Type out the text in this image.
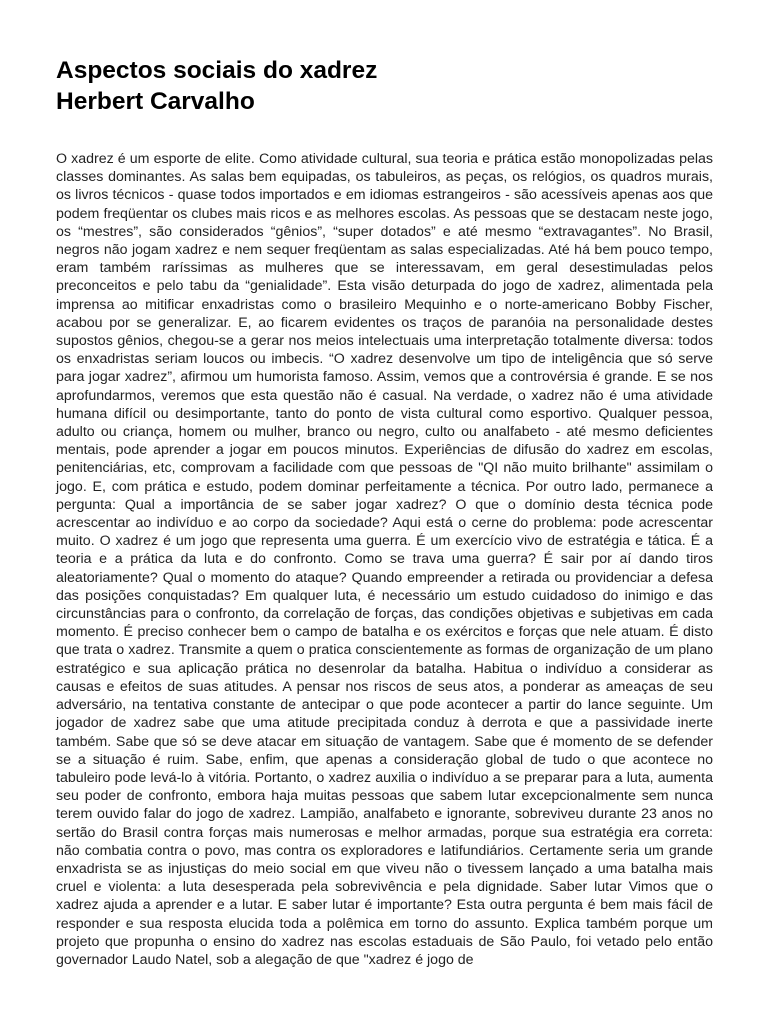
Aspectos sociais do xadrez
Herbert Carvalho

O xadrez é um esporte de elite. Como atividade cultural, sua teoria e prática estão monopolizadas pelas classes dominantes. As salas bem equipadas, os tabuleiros, as peças, os relógios, os quadros murais, os livros técnicos - quase todos importados e em idiomas estrangeiros - são acessíveis apenas aos que podem freqüentar os clubes mais ricos e as melhores escolas. As pessoas que se destacam neste jogo, os “mestres”, são considerados “gênios”, “super dotados” e até mesmo “extravagantes”. No Brasil, negros não jogam xadrez e nem sequer freqüentam as salas especializadas. Até há bem pouco tempo, eram também raríssimas as mulheres que se interessavam, em geral desestimuladas pelos preconceitos e pelo tabu da “genialidade”. Esta visão deturpada do jogo de xadrez, alimentada pela imprensa ao mitificar enxadristas como o brasileiro Mequinho e o norte-americano Bobby Fischer, acabou por se generalizar. E, ao ficarem evidentes os traços de paranóia na personalidade destes supostos gênios, chegou-se a gerar nos meios intelectuais uma interpretação totalmente diversa: todos os enxadristas seriam loucos ou imbecis. “O xadrez desenvolve um tipo de inteligência que só serve para jogar xadrez”, afirmou um humorista famoso. Assim, vemos que a controvérsia é grande. E se nos aprofundarmos, veremos que esta questão não é casual. Na verdade, o xadrez não é uma atividade humana difícil ou desimportante, tanto do ponto de vista cultural como esportivo. Qualquer pessoa, adulto ou criança, homem ou mulher, branco ou negro, culto ou analfabeto - até mesmo deficientes mentais, pode aprender a jogar em poucos minutos. Experiências de difusão do xadrez em escolas, penitenciárias, etc, comprovam a facilidade com que pessoas de "QI não muito brilhante" assimilam o jogo. E, com prática e estudo, podem dominar perfeitamente a técnica. Por outro lado, permanece a pergunta: Qual a importância de se saber jogar xadrez? O que o domínio desta técnica pode acrescentar ao indivíduo e ao corpo da sociedade? Aqui está o cerne do problema: pode acrescentar muito. O xadrez é um jogo que representa uma guerra. É um exercício vivo de estratégia e tática. É a teoria e a prática da luta e do confronto. Como se trava uma guerra? É sair por aí dando tiros aleatoriamente? Qual o momento do ataque? Quando empreender a retirada ou providenciar a defesa das posições conquistadas? Em qualquer luta, é necessário um estudo cuidadoso do inimigo e das circunstâncias para o confronto, da correlação de forças, das condições objetivas e subjetivas em cada momento. É preciso conhecer bem o campo de batalha e os exércitos e forças que nele atuam. É disto que trata o xadrez. Transmite a quem o pratica conscientemente as formas de organização de um plano estratégico e sua aplicação prática no desenrolar da batalha. Habitua o indivíduo a considerar as causas e efeitos de suas atitudes. A pensar nos riscos de seus atos, a ponderar as ameaças de seu adversário, na tentativa constante de antecipar o que pode acontecer a partir do lance seguinte. Um jogador de xadrez sabe que uma atitude precipitada conduz à derrota e que a passividade inerte também. Sabe que só se deve atacar em situação de vantagem. Sabe que é momento de se defender se a situação é ruim. Sabe, enfim, que apenas a consideração global de tudo o que acontece no tabuleiro pode levá-lo à vitória. Portanto, o xadrez auxilia o indivíduo a se preparar para a luta, aumenta seu poder de confronto, embora haja muitas pessoas que sabem lutar excepcionalmente sem nunca terem ouvido falar do jogo de xadrez. Lampião, analfabeto e ignorante, sobreviveu durante 23 anos no sertão do Brasil contra forças mais numerosas e melhor armadas, porque sua estratégia era correta: não combatia contra o povo, mas contra os exploradores e latifundiários. Certamente seria um grande enxadrista se as injustiças do meio social em que viveu não o tivessem lançado a uma batalha mais cruel e violenta: a luta desesperada pela sobrevivência e pela dignidade. Saber lutar Vimos que o xadrez ajuda a aprender e a lutar. E saber lutar é importante? Esta outra pergunta é bem mais fácil de responder e sua resposta elucida toda a polêmica em torno do assunto. Explica também porque um projeto que propunha o ensino do xadrez nas escolas estaduais de São Paulo, foi vetado pelo então governador Laudo Natel, sob a alegação de que "xadrez é jogo de
